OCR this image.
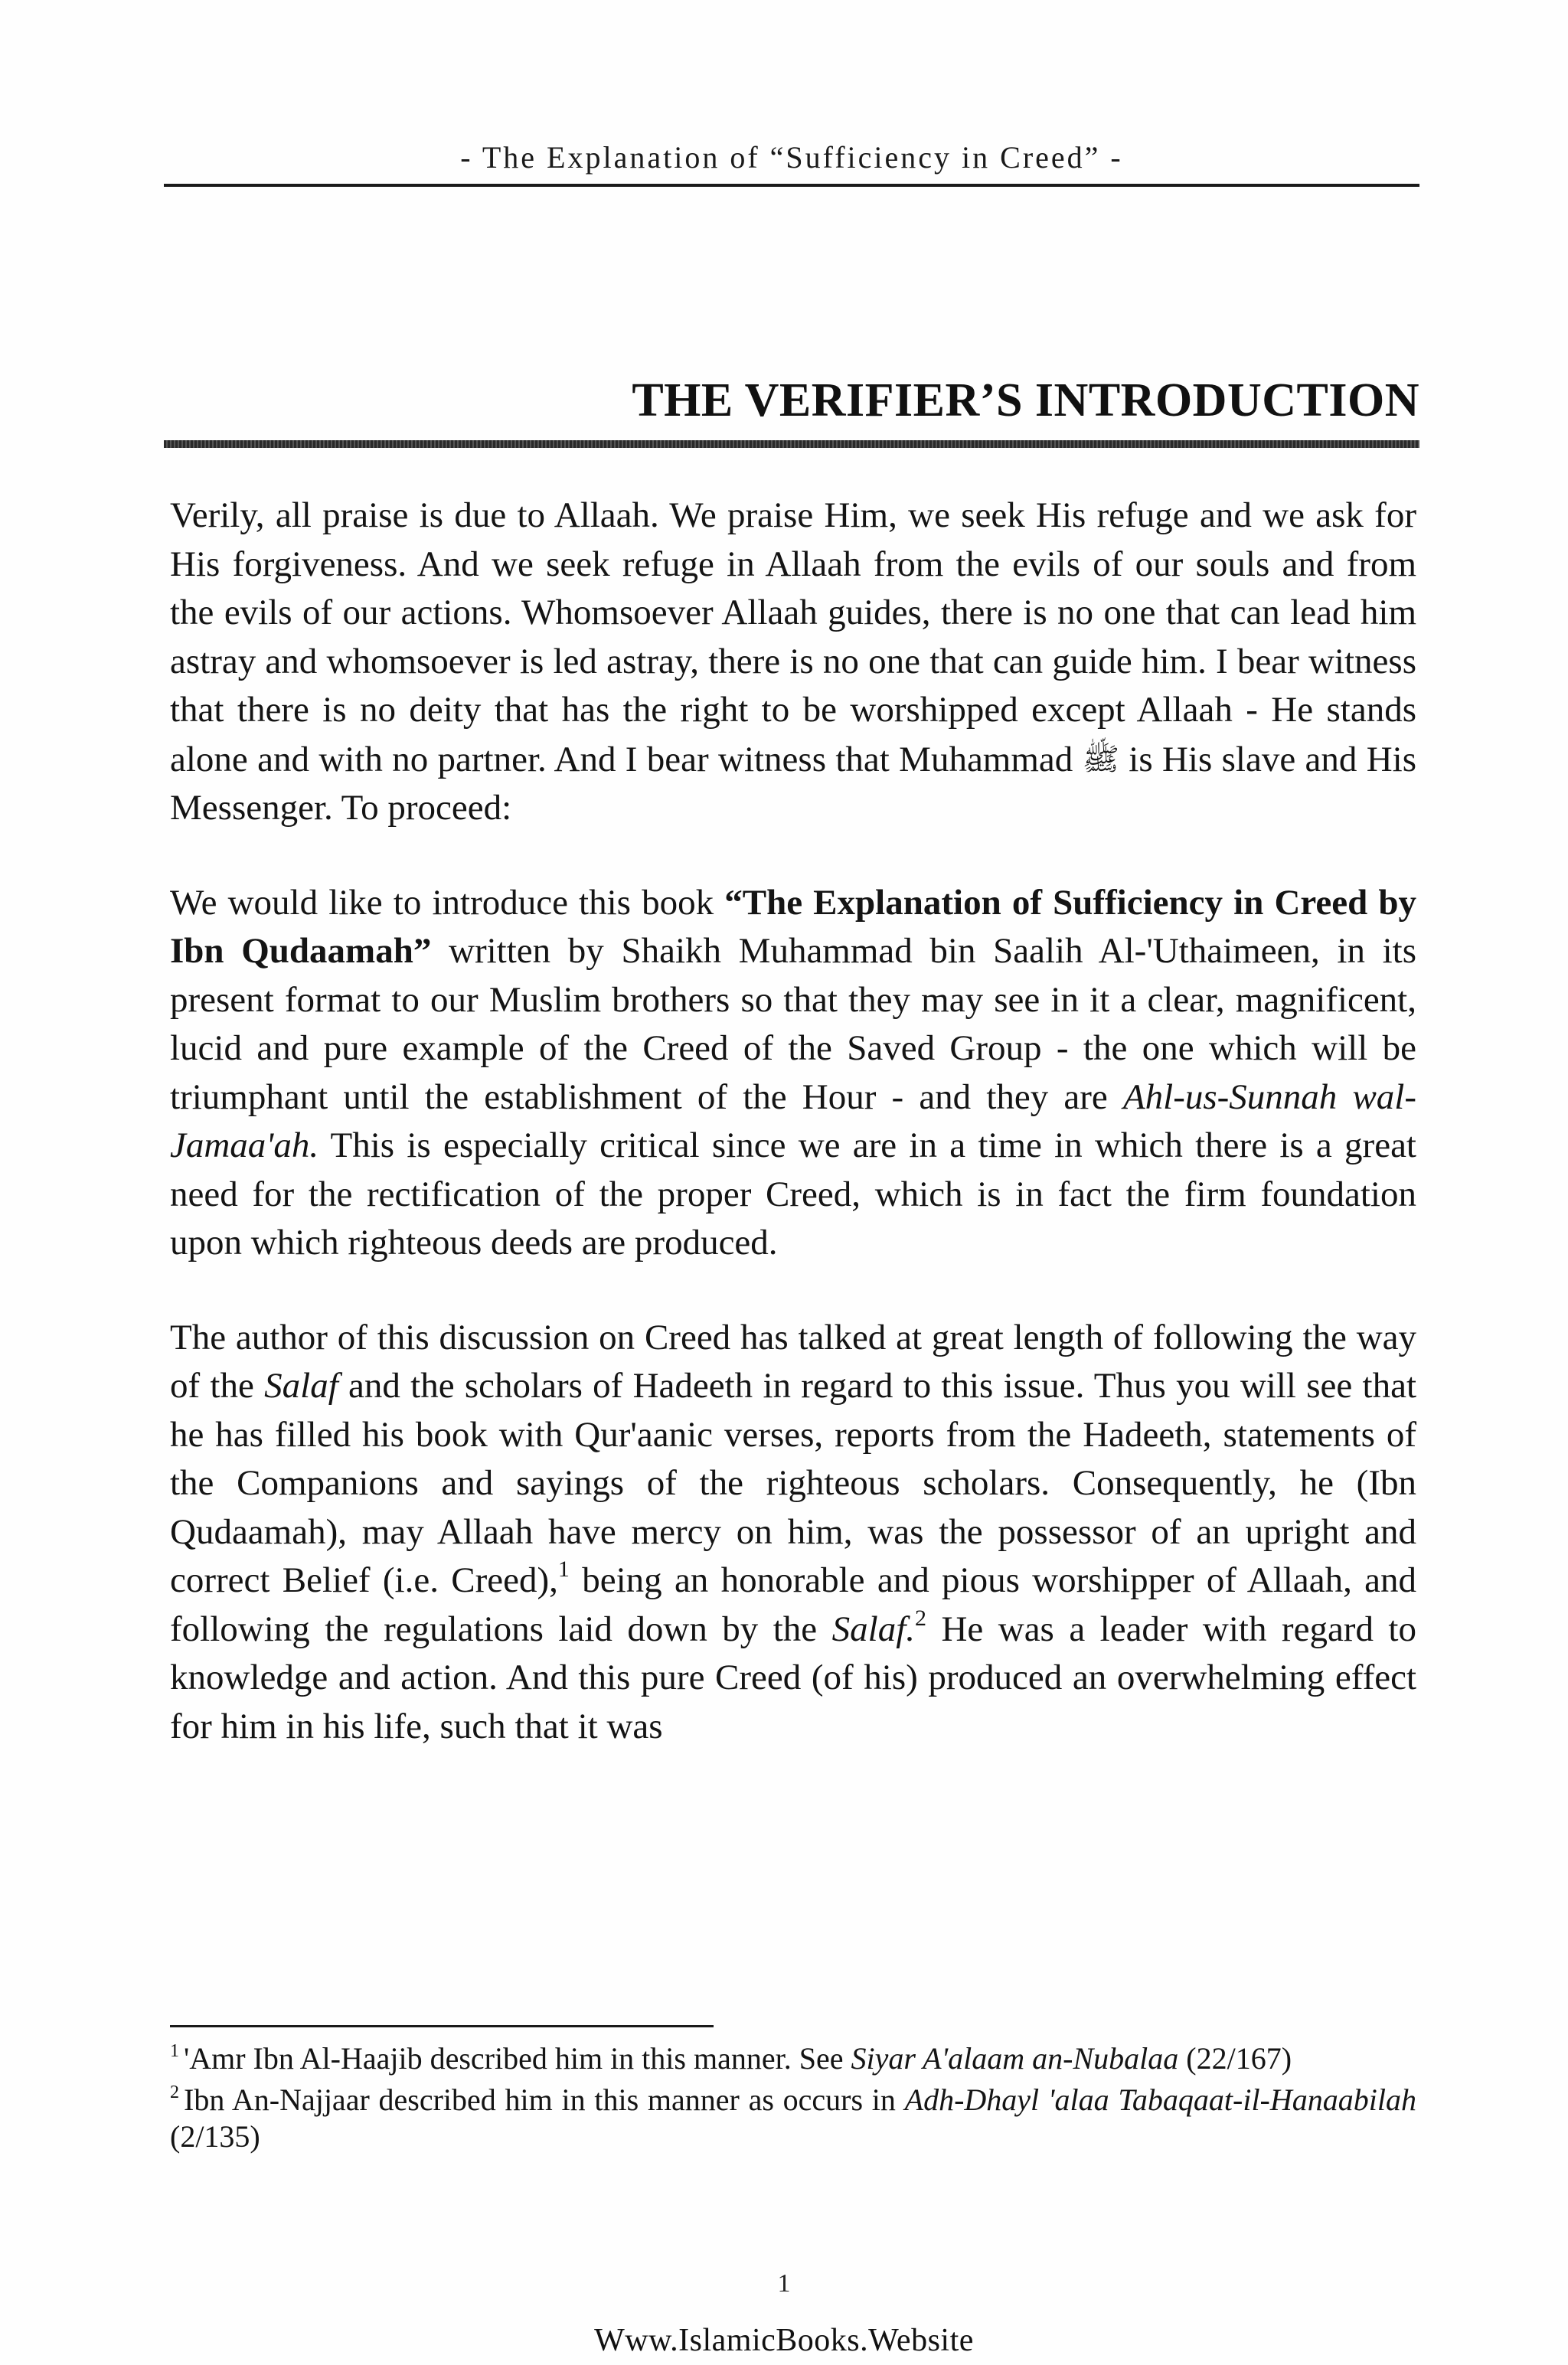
- The Explanation of “Sufficiency in Creed” -
THE VERIFIER’S INTRODUCTION

Verily, all praise is due to Allaah. We praise Him, we seek His refuge and we ask for His forgiveness. And we seek refuge in Allaah from the evils of our souls and from the evils of our actions. Whomsoever Allaah guides, there is no one that can lead him astray and whomsoever is led astray, there is no one that can guide him. I bear witness that there is no deity that has the right to be worshipped except Allaah - He stands alone and with no partner. And I bear witness that Muhammad ﷺ is His slave and His Messenger. To proceed:

We would like to introduce this book “The Explanation of Sufficiency in Creed by Ibn Qudaamah” written by Shaikh Muhammad bin Saalih Al-'Uthaimeen, in its present format to our Muslim brothers so that they may see in it a clear, magnificent, lucid and pure example of the Creed of the Saved Group - the one which will be triumphant until the establishment of the Hour - and they are Ahl-us-Sunnah wal-Jamaa'ah. This is especially critical since we are in a time in which there is a great need for the rectification of the proper Creed, which is in fact the firm foundation upon which righteous deeds are produced.

The author of this discussion on Creed has talked at great length of following the way of the Salaf and the scholars of Hadeeth in regard to this issue. Thus you will see that he has filled his book with Qur'aanic verses, reports from the Hadeeth, statements of the Companions and sayings of the righteous scholars. Consequently, he (Ibn Qudaamah), may Allaah have mercy on him, was the possessor of an upright and correct Belief (i.e. Creed),$^1$ being an honorable and pious worshipper of Allaah, and following the regulations laid down by the Salaf.$^2$ He was a leader with regard to knowledge and action. And this pure Creed (of his) produced an overwhelming effect for him in his life, such that it was

$^1$ 'Amr Ibn Al-Haajib described him in this manner. See Siyar A'alaam an-Nubalaa (22/167)
$^2$ Ibn An-Najjaar described him in this manner as occurs in Adh-Dhayl 'alaa Tabaqaat-il-Hanaabilah (2/135)
1
Www.IslamicBooks.Website
